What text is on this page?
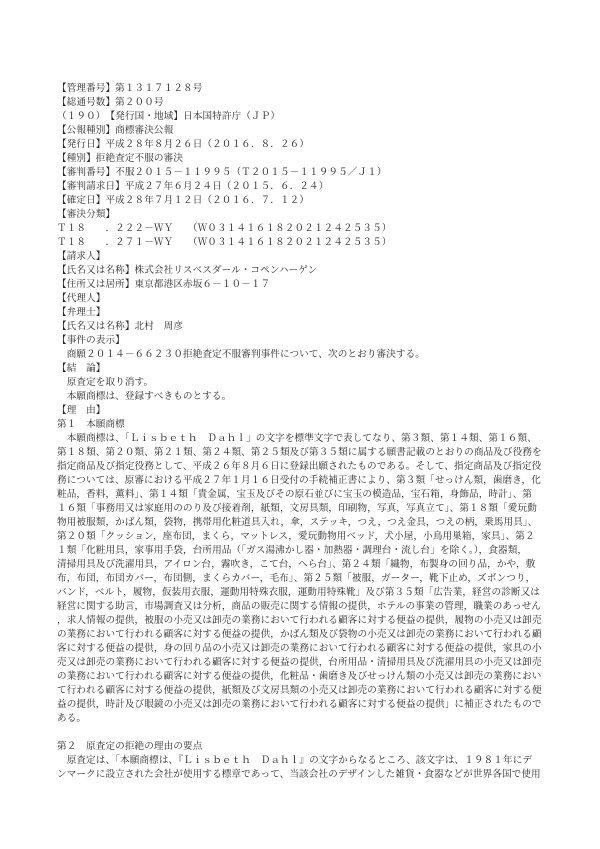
【管理番号】第１３１７１２８号
【総通号数】第２００号
（１９０）　【発行国・地域】日本国特許庁（ＪＰ）
【公報種別】商標審決公報
【発行日】平成２８年８月２６日（２０１６．８．２６）
【種別】拒絶査定不服の審決
【審判番号】不服２０１５－１１９９５（Ｔ２０１５－１１９９５／Ｊ１）
【審判請求日】平成２７年６月２４日（２０１５．６．２４）
【確定日】平成２８年７月１２日（２０１６．７．１２）
【審決分類】
Ｔ１８　　．２２２－ＷＹ　　（Ｗ０３１４１６１８２０２１２４２５３５）
Ｔ１８　　．２７１－ＷＹ　　（Ｗ０３１４１６１８２０２１２４２５３５）
【請求人】
【氏名又は名称】株式会社リスベスダール・コペンハーゲン
【住所又は居所】東京都港区赤坂６－１０－１７
【代理人】
【弁理士】
【氏名又は名称】北村　周彦
【事件の表示】
　商願２０１４－６６２３０拒絶査定不服審判事件について、次のとおり審決する。
【結　論】
　原査定を取り消す。
　本願商標は、登録すべきものとする。
【理　由】
第１　本願商標
　本願商標は、「Ｌｉｓｂｅｔｈ　Ｄａｈｌ」の文字を標準文字で表してなり、第３類、第１４類、第１６類、
第１８類、第２０類、第２１類、第２４類、第２５類及び第３５類に属する願書記載のとおりの商品及び役務を
指定商品及び指定役務として、平成２６年８月６日に登録出願されたものである。そして、指定商品及び指定役
務については、原審における平成２７年１月１６日受付の手続補正書により、第３類「せっけん類，歯磨き，化
粧品，香料，薫料」、第１４類「貴金属，宝玉及びその原石並びに宝玉の模造品，宝石箱，身飾品，時計」、第
１６類「事務用又は家庭用ののり及び接着剤，紙類，文房具類，印刷物，写真，写真立て」、第１８類「愛玩動
物用被服類，かばん類，袋物，携帯用化粧道具入れ，傘，ステッキ，つえ，つえ金具，つえの柄，乗馬用具」、
第２０類「クッション，座布団，まくら，マットレス，愛玩動物用ベッド，犬小屋，小鳥用巣箱，家具」、第２
１類「化粧用具，家事用手袋，台所用品（「ガス湯沸かし器・加熱器・調理台・流し台」を除く。），食器類，
清掃用具及び洗濯用具，アイロン台，霧吹き，こて台，へら台」、第２４類「織物，布製身の回り品，かや，敷
布，布団，布団カバー，布団側，まくらカバー，毛布」、第２５類「被服，ガーター，靴下止め，ズボンつり，
バンド，ベルト，履物，仮装用衣服，運動用特殊衣服，運動用特殊靴」及び第３５類「広告業，経営の診断又は
経営に関する助言，市場調査又は分析，商品の販売に関する情報の提供，ホテルの事業の管理，職業のあっせん
，求人情報の提供，被服の小売又は卸売の業務において行われる顧客に対する便益の提供，履物の小売又は卸売
の業務において行われる顧客に対する便益の提供，かばん類及び袋物の小売又は卸売の業務において行われる顧
客に対する便益の提供，身の回り品の小売又は卸売の業務において行われる顧客に対する便益の提供，家具の小
売又は卸売の業務において行われる顧客に対する便益の提供，台所用品・清掃用具及び洗濯用具の小売又は卸売
の業務において行われる顧客に対する便益の提供，化粧品・歯磨き及びせっけん類の小売又は卸売の業務におい
て行われる顧客に対する便益の提供，紙類及び文房具類の小売又は卸売の業務において行われる顧客に対する便
益の提供，時計及び眼鏡の小売又は卸売の業務において行われる顧客に対する便益の提供」に補正されたもので
ある。

第２　原査定の拒絶の理由の要点
　原査定は、「本願商標は、『Ｌｉｓｂｅｔｈ　Ｄａｈｌ』の文字からなるところ、該文字は、１９８１年にデ
ンマークに設立された会社が使用する標章であって、当該会社のデザインした雑貨・食器などが世界各国で使用
